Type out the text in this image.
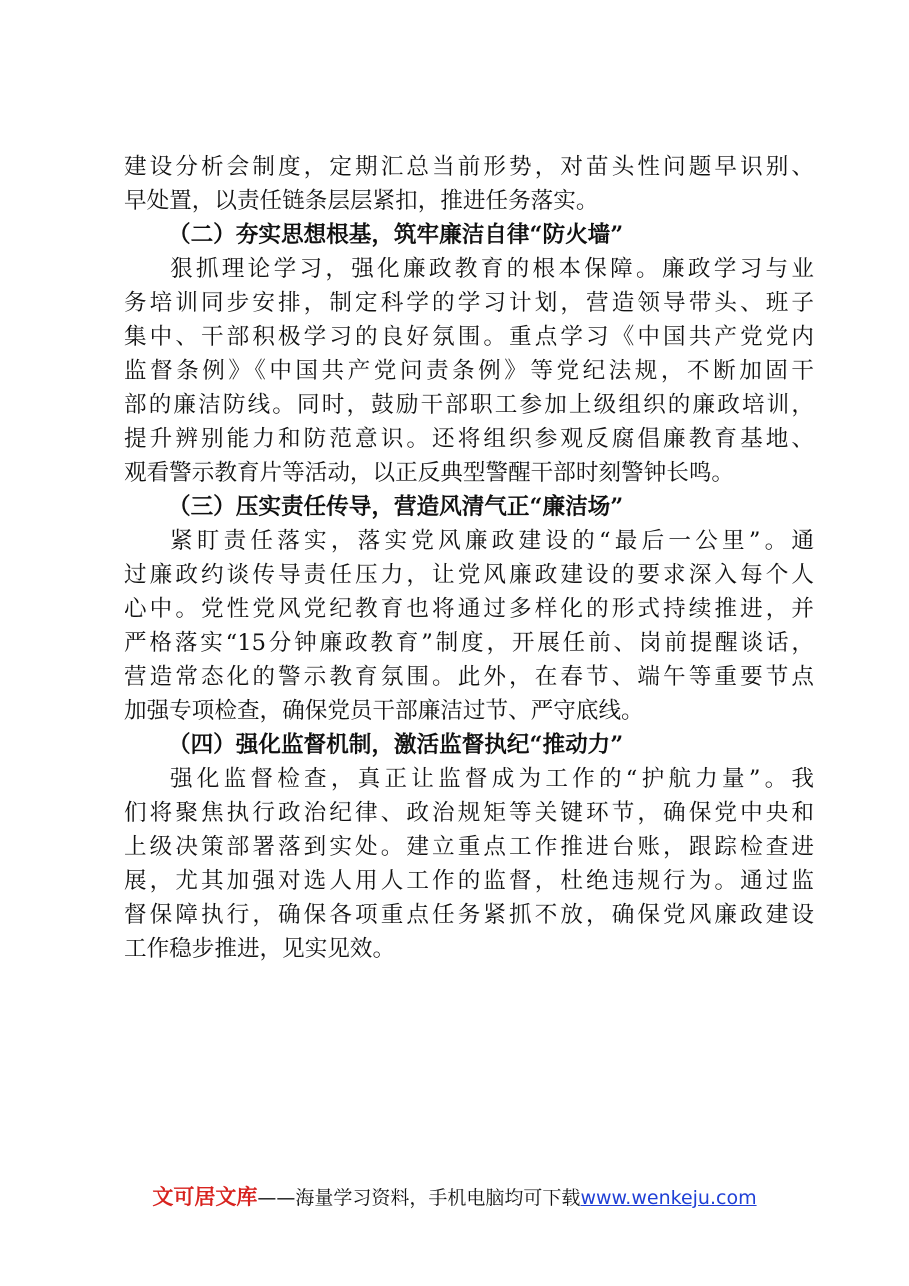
建设分析会制度，定期汇总当前形势，对苗头性问题早识别、
早处置，以责任链条层层紧扣，推进任务落实。
（二）夯实思想根基，筑牢廉洁自律“防火墙”
狠抓理论学习，强化廉政教育的根本保障。廉政学习与业
务培训同步安排，制定科学的学习计划，营造领导带头、班子
集中、干部积极学习的良好氛围。重点学习《中国共产党党内
监督条例》《中国共产党问责条例》等党纪法规，不断加固干
部的廉洁防线。同时，鼓励干部职工参加上级组织的廉政培训，
提升辨别能力和防范意识。还将组织参观反腐倡廉教育基地、
观看警示教育片等活动，以正反典型警醒干部时刻警钟长鸣。
（三）压实责任传导，营造风清气正“廉洁场”
紧盯责任落实，落实党风廉政建设的“最后一公里”。通
过廉政约谈传导责任压力，让党风廉政建设的要求深入每个人
心中。党性党风党纪教育也将通过多样化的形式持续推进，并
严格落实“15分钟廉政教育”制度，开展任前、岗前提醒谈话，
营造常态化的警示教育氛围。此外，在春节、端午等重要节点
加强专项检查，确保党员干部廉洁过节、严守底线。
（四）强化监督机制，激活监督执纪“推动力”
强化监督检查，真正让监督成为工作的“护航力量”。我
们将聚焦执行政治纪律、政治规矩等关键环节，确保党中央和
上级决策部署落到实处。建立重点工作推进台账，跟踪检查进
展，尤其加强对选人用人工作的监督，杜绝违规行为。通过监
督保障执行，确保各项重点任务紧抓不放，确保党风廉政建设
工作稳步推进，见实见效。
文可居文库——海量学习资料，手机电脑均可下载www.wenkeju.com
